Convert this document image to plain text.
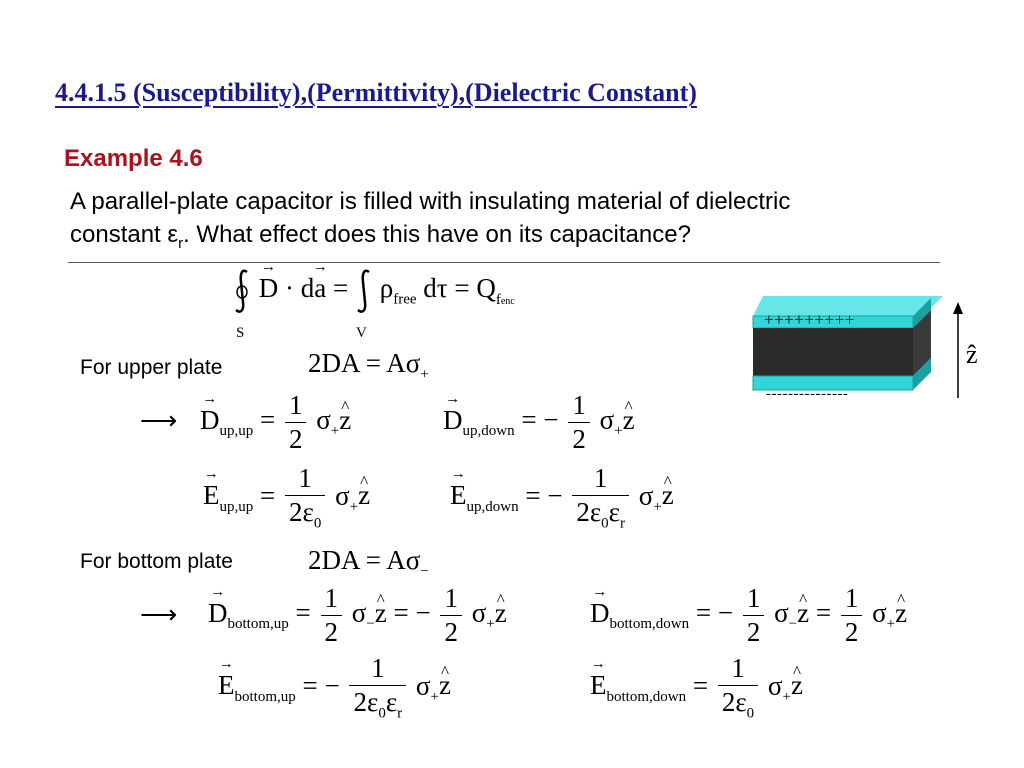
4.4.1.5 (Susceptibility),(Permittivity),(Dielectric Constant)
Example 4.6
A parallel-plate capacitor is filled with insulating material of dielectric
constant $\varepsilon_r$. What effect does this have on its capacitance?
→ $D \cdot d\to a = \rho_{free}$ $d\tau = Q_{fenc}$
S	V
For upper plate	$2DA = A\sigma_+$
⟶ → $D_{up,up} = \frac{1}{2}$ $\sigma_+\^{}$ z	→ $D_{up,down}$ = − $\frac{1}{2}$ $\sigma_+\^{}$ z
→ $E_{up,up} = \frac{1}{2\varepsilon_0}$ $\sigma_+\^{}$ z	→ $E_{up,down}$ = − $\frac{1}{2\varepsilon_0\varepsilon_r}$ $\sigma_+\^{}$ z
For bottom plate	$2DA = A\sigma_-$
⟶ → $D_{bottom,up} = \frac{1}{2}$ $\sigma_-\^{}$ z = − $\frac{1}{2}$ $\sigma_+\^{}$ z	→ $D_{bottom,down}$ = − $\frac{1}{2}$ $\sigma_-\^{}$ $z = \frac{1}{2}$ $\sigma_+\^{}$ z
→ $E_{bottom,up}$ = − $\frac{1}{2\varepsilon_0\varepsilon_r}$ $\sigma_+\^{}$ z	→ $E_{bottom,down} = \frac{1}{2\varepsilon_0}$ $\sigma_+\^{}$ z
+++++++++
---------------
ẑ
